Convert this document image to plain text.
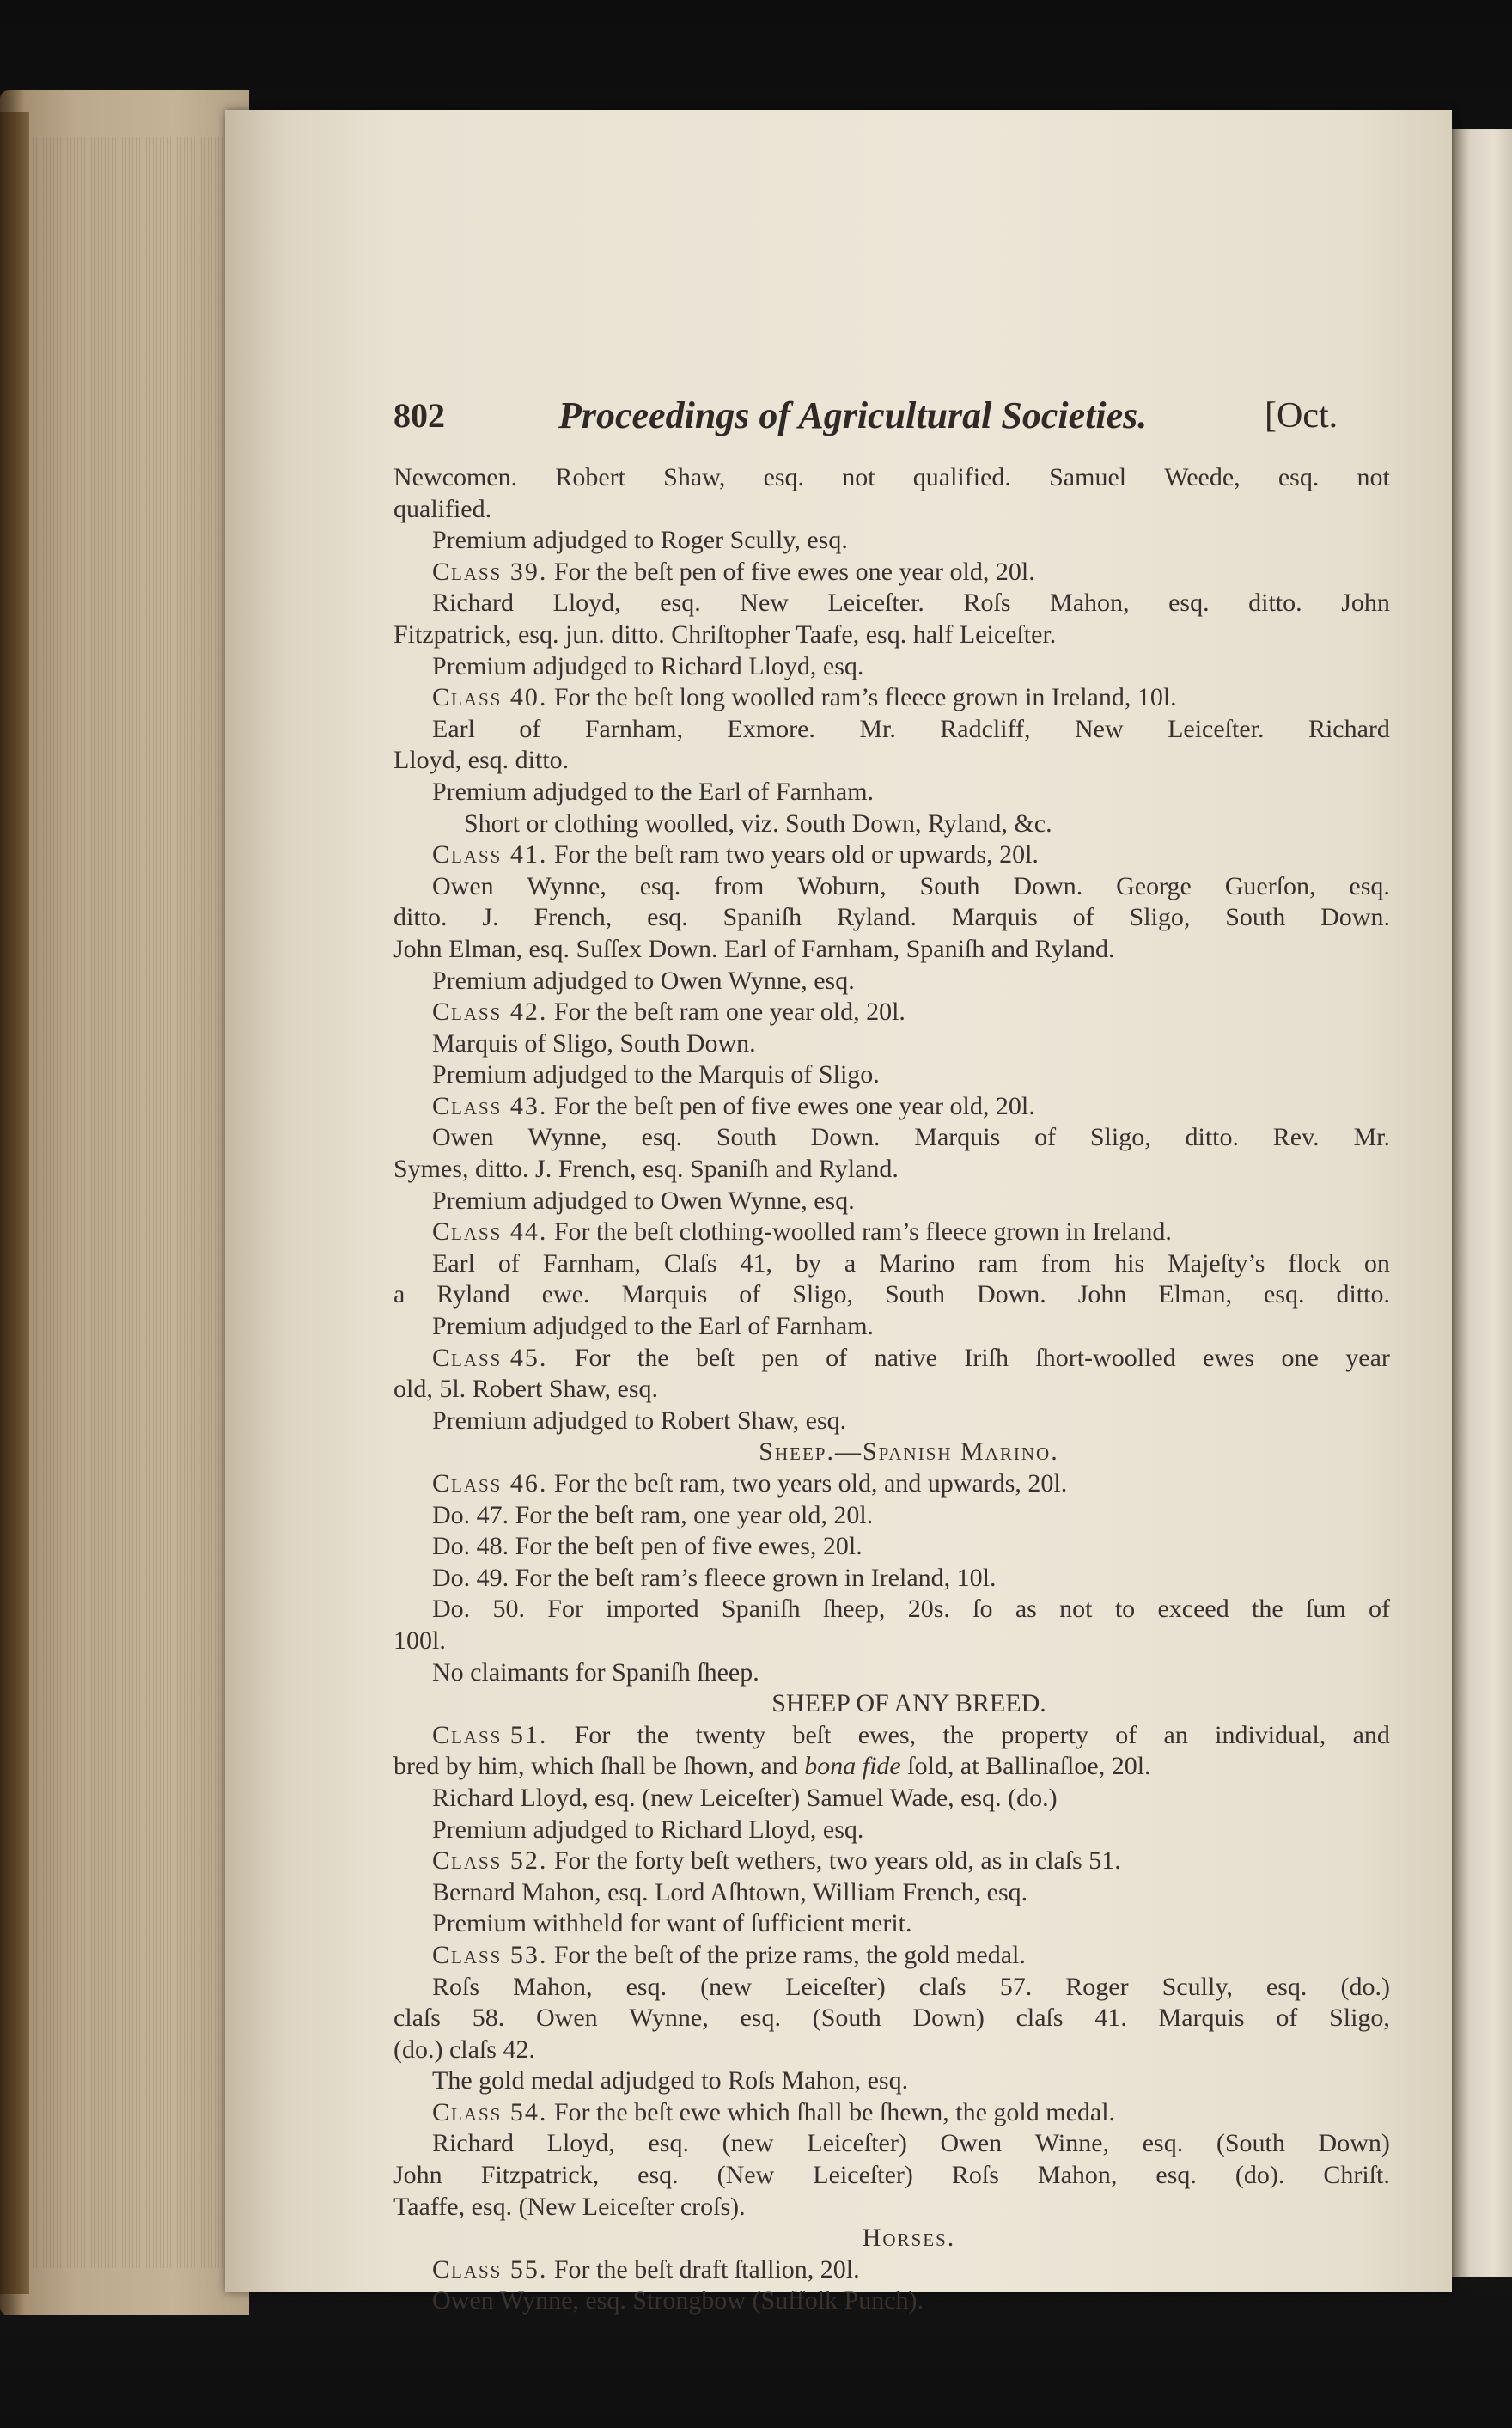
802	Proceedings of Agricultural Societies.	[Oct.
Newcomen. Robert Shaw, esq. not qualified. Samuel Weede, esq. not
qualified.
Premium adjudged to Roger Scully, esq.
Class 39. For the beſt pen of five ewes one year old, 20l.
Richard Lloyd, esq. New Leiceſter. Roſs Mahon, esq. ditto. John
Fitzpatrick, esq. jun. ditto. Chriſtopher Taafe, esq. half Leiceſter.
Premium adjudged to Richard Lloyd, esq.
Class 40. For the beſt long woolled ram’s fleece grown in Ireland, 10l.
Earl of Farnham, Exmore. Mr. Radcliff, New Leiceſter. Richard
Lloyd, esq. ditto.
Premium adjudged to the Earl of Farnham.
Short or clothing woolled, viz. South Down, Ryland, &c.
Class 41. For the beſt ram two years old or upwards, 20l.
Owen Wynne, esq. from Woburn, South Down. George Guerſon, esq.
ditto. J. French, esq. Spaniſh Ryland. Marquis of Sligo, South Down.
John Elman, esq. Suſſex Down. Earl of Farnham, Spaniſh and Ryland.
Premium adjudged to Owen Wynne, esq.
Class 42. For the beſt ram one year old, 20l.
Marquis of Sligo, South Down.
Premium adjudged to the Marquis of Sligo.
Class 43. For the beſt pen of five ewes one year old, 20l.
Owen Wynne, esq. South Down. Marquis of Sligo, ditto. Rev. Mr.
Symes, ditto. J. French, esq. Spaniſh and Ryland.
Premium adjudged to Owen Wynne, esq.
Class 44. For the beſt clothing-woolled ram’s fleece grown in Ireland.
Earl of Farnham, Claſs 41, by a Marino ram from his Majeſty’s flock on
a Ryland ewe. Marquis of Sligo, South Down. John Elman, esq. ditto.
Premium adjudged to the Earl of Farnham.
Class 45. For the beſt pen of native Iriſh ſhort-woolled ewes one year
old, 5l. Robert Shaw, esq.
Premium adjudged to Robert Shaw, esq.
Sheep.—Spaniſh Marino.
Class 46. For the beſt ram, two years old, and upwards, 20l.
Do. 47. For the beſt ram, one year old, 20l.
Do. 48. For the beſt pen of five ewes, 20l.
Do. 49. For the beſt ram’s fleece grown in Ireland, 10l.
Do. 50. For imported Spaniſh ſheep, 20s. ſo as not to exceed the ſum of
100l.
No claimants for Spaniſh ſheep.
SHEEP OF ANY BREED.
Class 51. For the twenty beſt ewes, the property of an individual, and
bred by him, which ſhall be ſhown, and bona fide ſold, at Ballinaſloe, 20l.
Richard Lloyd, esq. (new Leiceſter) Samuel Wade, esq. (do.)
Premium adjudged to Richard Lloyd, esq.
Class 52. For the forty beſt wethers, two years old, as in claſs 51.
Bernard Mahon, esq. Lord Aſhtown, William French, esq.
Premium withheld for want of ſufficient merit.
Class 53. For the beſt of the prize rams, the gold medal.
Roſs Mahon, esq. (new Leiceſter) claſs 57. Roger Scully, esq. (do.)
claſs 58. Owen Wynne, esq. (South Down) claſs 41. Marquis of Sligo,
(do.) claſs 42.
The gold medal adjudged to Roſs Mahon, esq.
Class 54. For the beſt ewe which ſhall be ſhewn, the gold medal.
Richard Lloyd, esq. (new Leiceſter) Owen Winne, esq. (South Down)
John Fitzpatrick, esq. (New Leiceſter) Roſs Mahon, esq. (do). Chriſt.
Taaffe, esq. (New Leiceſter croſs).
Horses.
Class 55. For the beſt draft ſtallion, 20l.
Owen Wynne, esq. Strongbow (Suffolk Punch).
